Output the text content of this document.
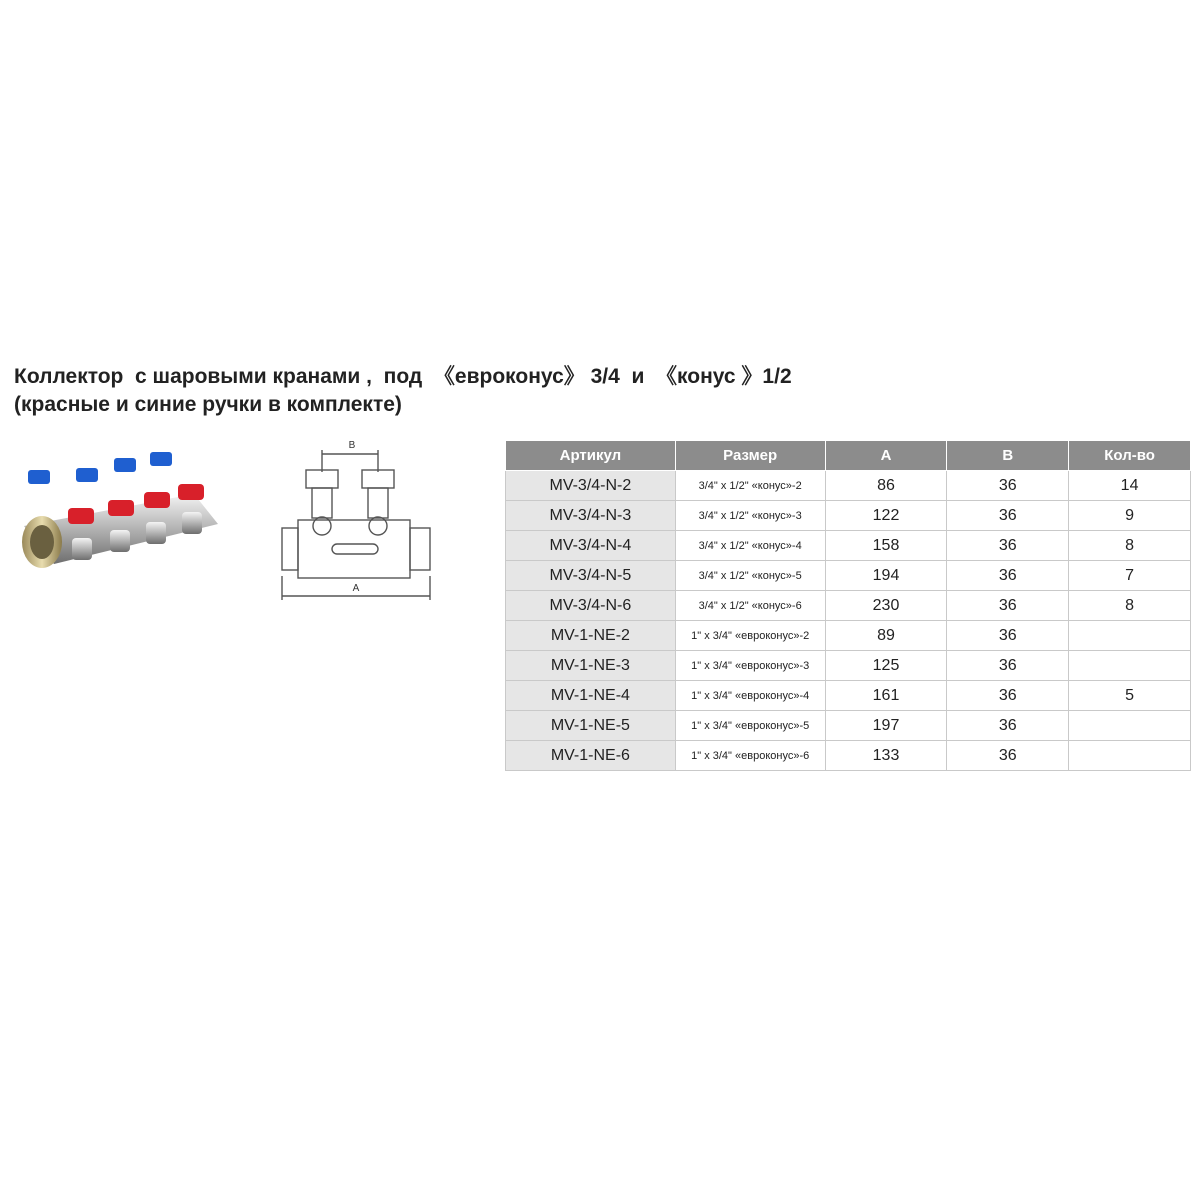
Коллектор  с шаровыми кранами ,  под  《евроконус》 3/4  и  《конус 》1/2
(красные и синие ручки в комплекте)
B
A
Артикул	Размер	A	B	Кол-во
MV-3/4-N-2	3/4" x 1/2" «конус»-2	86	36	14
MV-3/4-N-3	3/4" x 1/2" «конус»-3	122	36	9
MV-3/4-N-4	3/4" x 1/2" «конус»-4	158	36	8
MV-3/4-N-5	3/4" x 1/2" «конус»-5	194	36	7
MV-3/4-N-6	3/4" x 1/2" «конус»-6	230	36	8
MV-1-NE-2	1" x 3/4" «евроконус»-2	89	36	
MV-1-NE-3	1" x 3/4" «евроконус»-3	125	36	
MV-1-NE-4	1" x 3/4" «евроконус»-4	161	36	5
MV-1-NE-5	1" x 3/4" «евроконус»-5	197	36	
MV-1-NE-6	1" x 3/4" «евроконус»-6	133	36	
